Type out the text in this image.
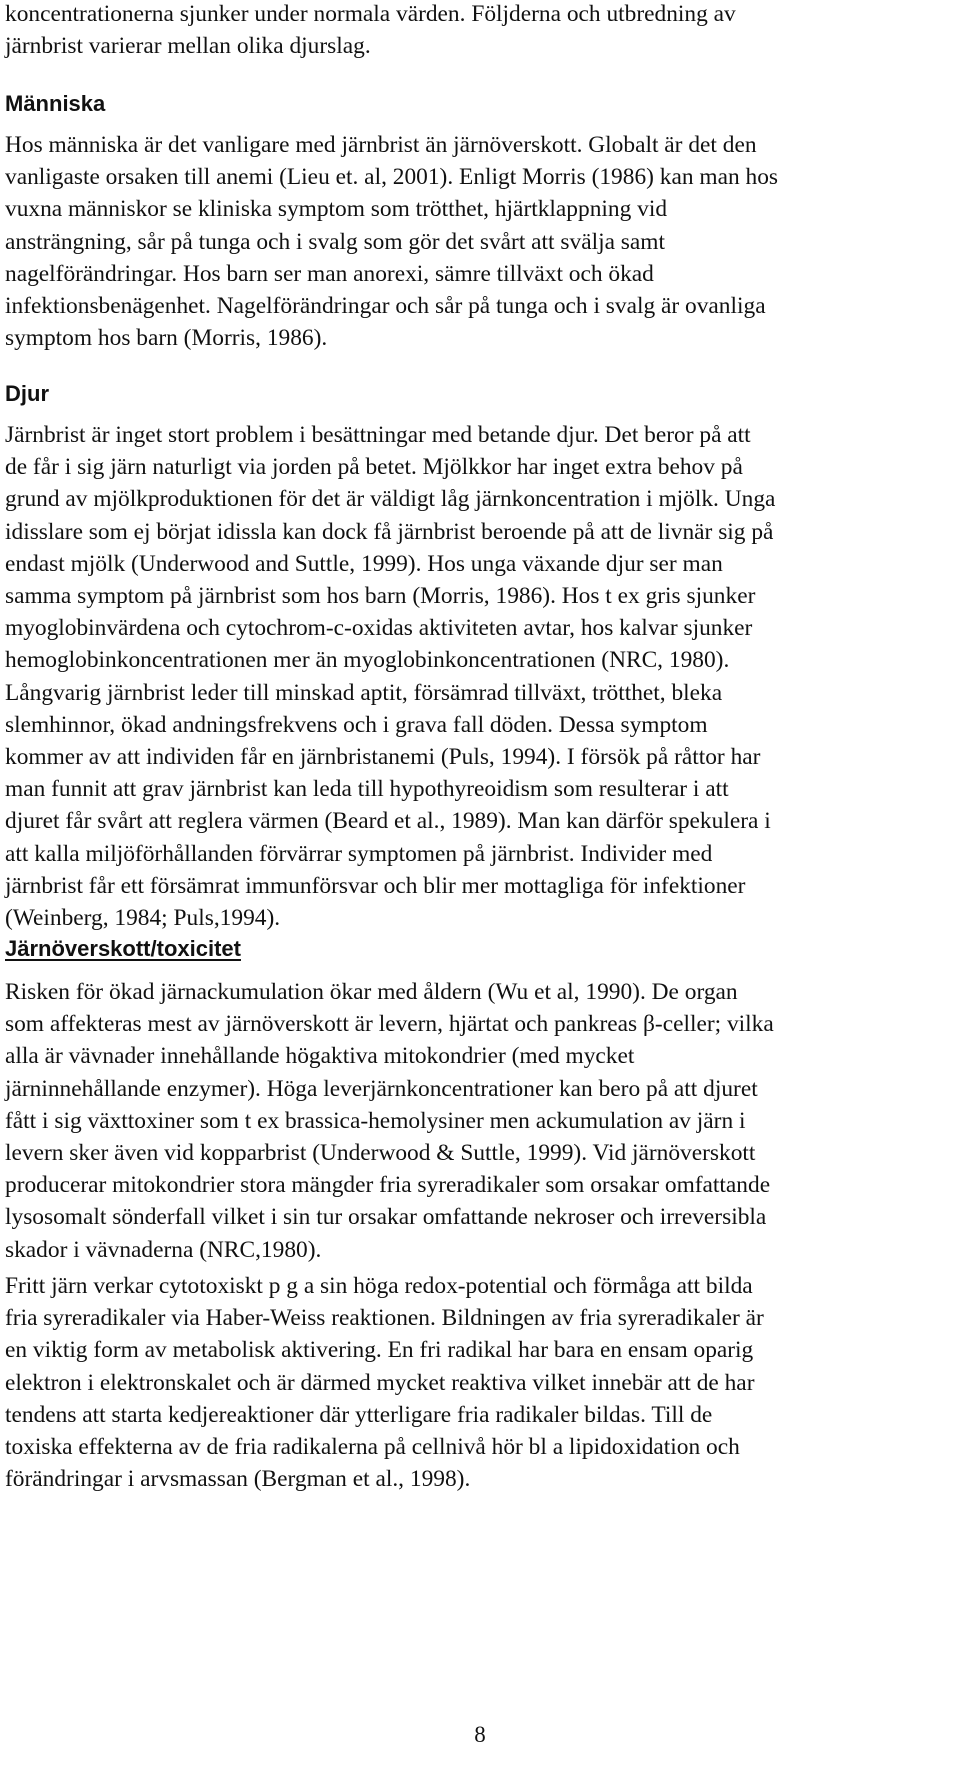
koncentrationerna sjunker under normala värden. Följderna och utbredning av
järnbrist varierar mellan olika djurslag.
Människa
Hos människa är det vanligare med järnbrist än järnöverskott. Globalt är det den
vanligaste orsaken till anemi (Lieu et. al, 2001). Enligt Morris (1986) kan man hos
vuxna människor se kliniska symptom som trötthet, hjärtklappning vid
ansträngning, sår på tunga och i svalg som gör det svårt att svälja samt
nagelförändringar. Hos barn ser man anorexi, sämre tillväxt och ökad
infektionsbenägenhet. Nagelförändringar och sår på tunga och i svalg är ovanliga
symptom hos barn (Morris, 1986).
Djur
Järnbrist är inget stort problem i besättningar med betande djur. Det beror på att
de får i sig järn naturligt via jorden på betet. Mjölkkor har inget extra behov på
grund av mjölkproduktionen för det är väldigt låg järnkoncentration i mjölk. Unga
idisslare som ej börjat idissla kan dock få järnbrist beroende på att de livnär sig på
endast mjölk (Underwood and Suttle, 1999). Hos unga växande djur ser man
samma symptom på järnbrist som hos barn (Morris, 1986). Hos t ex gris sjunker
myoglobinvärdena och cytochrom-c-oxidas aktiviteten avtar, hos kalvar sjunker
hemoglobinkoncentrationen mer än myoglobinkoncentrationen (NRC, 1980).
Långvarig järnbrist leder till minskad aptit, försämrad tillväxt, trötthet, bleka
slemhinnor, ökad andningsfrekvens och i grava fall döden. Dessa symptom
kommer av att individen får en järnbristanemi (Puls, 1994). I försök på råttor har
man funnit att grav järnbrist kan leda till hypothyreoidism som resulterar i att
djuret får svårt att reglera värmen (Beard et al., 1989). Man kan därför spekulera i
att kalla miljöförhållanden förvärrar symptomen på järnbrist. Individer med
järnbrist får ett försämrat immunförsvar och blir mer mottagliga för infektioner
(Weinberg, 1984; Puls,1994).
Järnöverskott/toxicitet
Risken för ökad järnackumulation ökar med åldern (Wu et al, 1990). De organ
som affekteras mest av järnöverskott är levern, hjärtat och pankreas β-celler; vilka
alla är vävnader innehållande högaktiva mitokondrier (med mycket
järninnehållande enzymer). Höga leverjärnkoncentrationer kan bero på att djuret
fått i sig växttoxiner som t ex brassica-hemolysiner men ackumulation av järn i
levern sker även vid kopparbrist (Underwood & Suttle, 1999). Vid järnöverskott
producerar mitokondrier stora mängder fria syreradikaler som orsakar omfattande
lysosomalt sönderfall vilket i sin tur orsakar omfattande nekroser och irreversibla
skador i vävnaderna (NRC,1980).
Fritt järn verkar cytotoxiskt p g a sin höga redox-potential och förmåga att bilda
fria syreradikaler via Haber-Weiss reaktionen. Bildningen av fria syreradikaler är
en viktig form av metabolisk aktivering. En fri radikal har bara en ensam oparig
elektron i elektronskalet och är därmed mycket reaktiva vilket innebär att de har
tendens att starta kedjereaktioner där ytterligare fria radikaler bildas. Till de
toxiska effekterna av de fria radikalerna på cellnivå hör bl a lipidoxidation och
förändringar i arvsmassan (Bergman et al., 1998).
8
